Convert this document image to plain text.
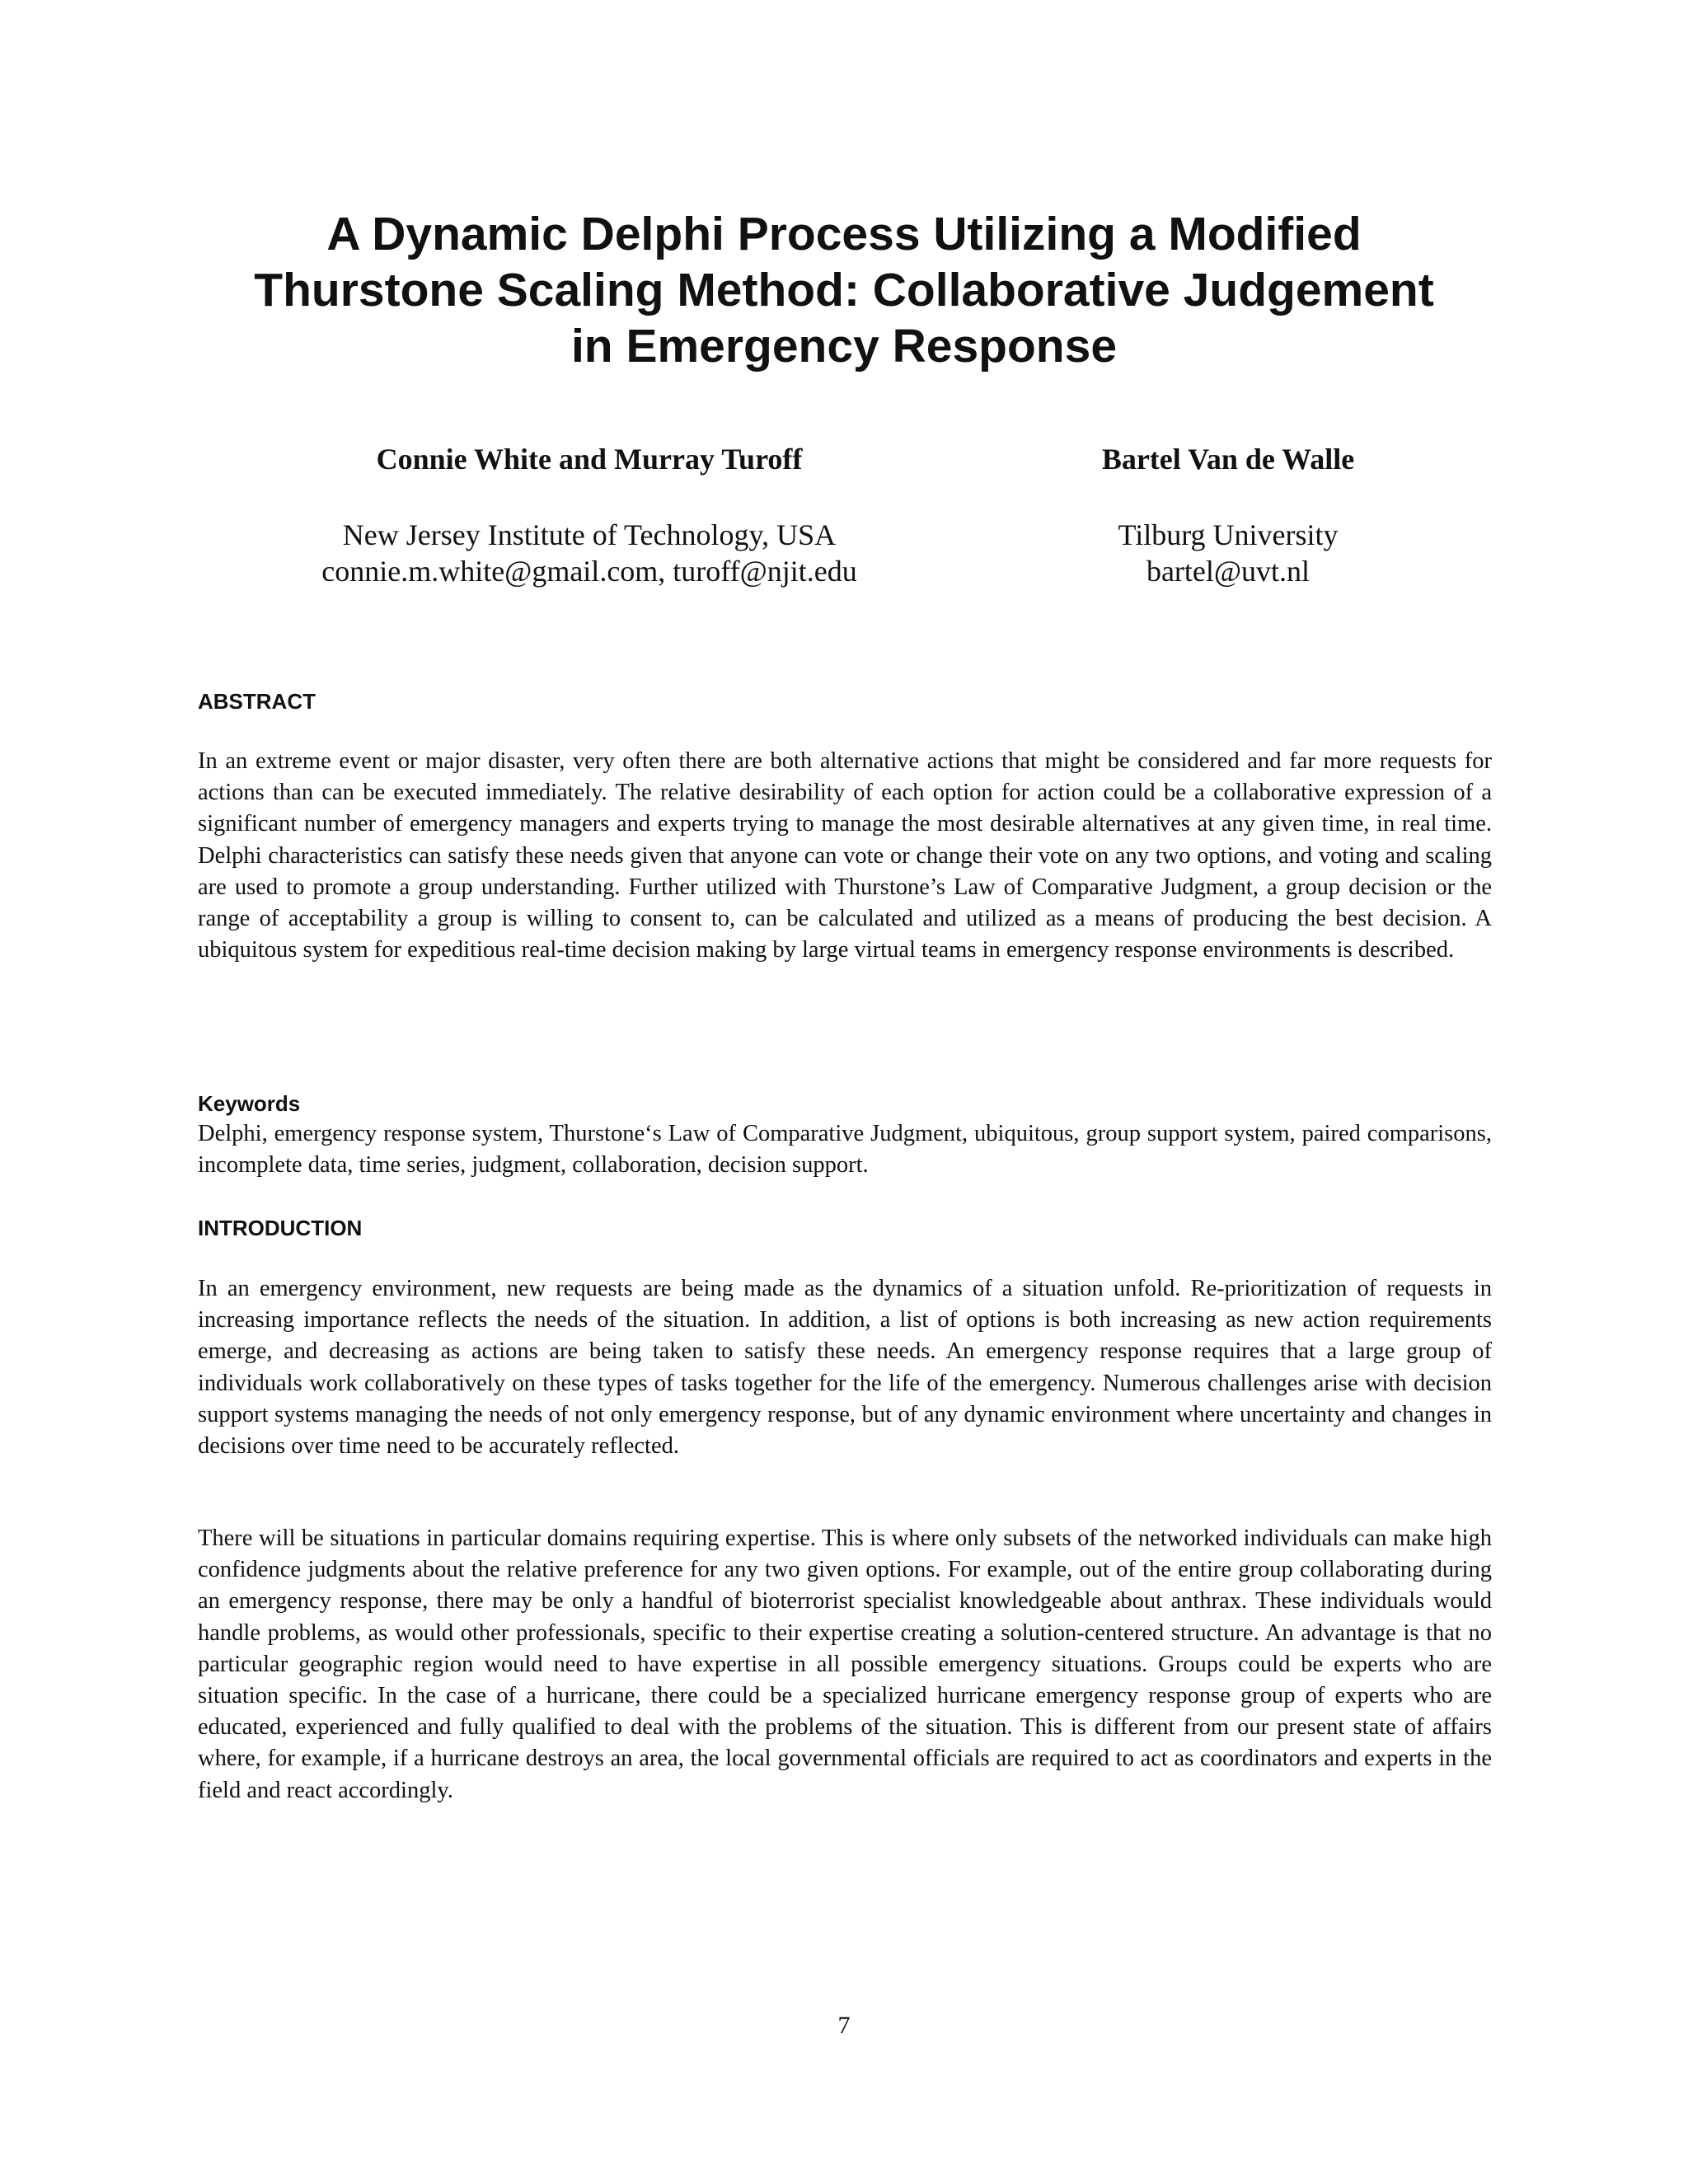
A Dynamic Delphi Process Utilizing a Modified
Thurstone Scaling Method: Collaborative Judgement
in Emergency Response

Connie White and Murray Turoff

New Jersey Institute of Technology, USA
connie.m.white@gmail.com, turoff@njit.edu

Bartel Van de Walle

Tilburg University
bartel@uvt.nl
ABSTRACT

In an extreme event or major disaster, very often there are both alternative actions that might be considered and far more requests for actions than can be executed immediately. The relative desirability of each option for action could be a collaborative expression of a significant number of emergency managers and experts trying to manage the most desirable alternatives at any given time, in real time. Delphi characteristics can satisfy these needs given that anyone can vote or change their vote on any two options, and voting and scaling are used to promote a group understanding. Further utilized with Thurstone’s Law of Comparative Judgment, a group decision or the range of acceptability a group is willing to consent to, can be calculated and utilized as a means of producing the best decision. A ubiquitous system for expeditious real-time decision making by large virtual teams in emergency response environments is described.

Keywords

Delphi, emergency response system, Thurstone‘s Law of Comparative Judgment, ubiquitous, group support system, paired comparisons, incomplete data, time series, judgment, collaboration, decision support.

INTRODUCTION

In an emergency environment, new requests are being made as the dynamics of a situation unfold. Re-prioritization of requests in increasing importance reflects the needs of the situation. In addition, a list of options is both increasing as new action requirements emerge, and decreasing as actions are being taken to satisfy these needs. An emergency response requires that a large group of individuals work collaboratively on these types of tasks together for the life of the emergency. Numerous challenges arise with decision support systems managing the needs of not only emergency response, but of any dynamic environment where uncertainty and changes in decisions over time need to be accurately reflected.

There will be situations in particular domains requiring expertise. This is where only subsets of the networked individuals can make high confidence judgments about the relative preference for any two given options. For example, out of the entire group collaborating during an emergency response, there may be only a handful of bioterrorist specialist knowledgeable about anthrax. These individuals would handle problems, as would other professionals, specific to their expertise creating a solution-centered structure. An advantage is that no particular geographic region would need to have expertise in all possible emergency situations. Groups could be experts who are situation specific. In the case of a hurricane, there could be a specialized hurricane emergency response group of experts who are educated, experienced and fully qualified to deal with the problems of the situation. This is different from our present state of affairs where, for example, if a hurricane destroys an area, the local governmental officials are required to act as coordinators and experts in the field and react accordingly.

7
